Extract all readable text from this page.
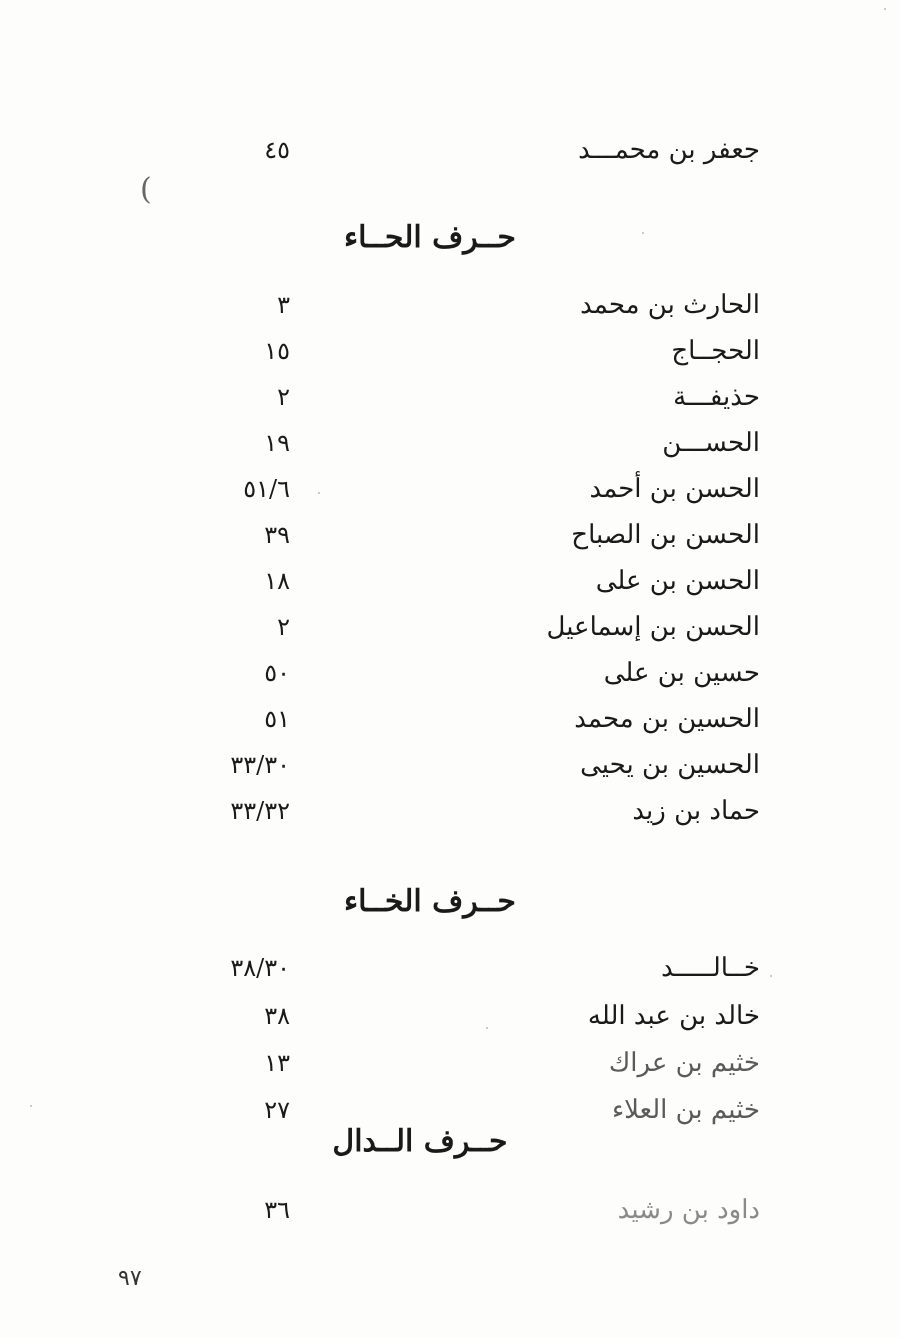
(
جعفر بن محمـــد
٤٥
حــرف الحــاء
الحارث بن محمد
٣
الحجــاج
١٥
حذيفـــة
٢
الحســـن
١٩
الحسن بن أحمد
٥١/٦
الحسن بن الصباح
٣٩
الحسن بن على
١٨
الحسن بن إسماعيل
٢
حسين بن على
٥٠
الحسين بن محمد
٥١
الحسين بن يحيى
٣٣/٣٠
حماد بن زيد
٣٣/٣٢
حــرف الخــاء
خــالـــــد
٣٨/٣٠
خالد بن عبد الله
٣٨
خثيم بن عراك
١٣
خثيم بن العلاء
٢٧
حــرف الــدال
داود بن رشيد
٣٦
٩٧
